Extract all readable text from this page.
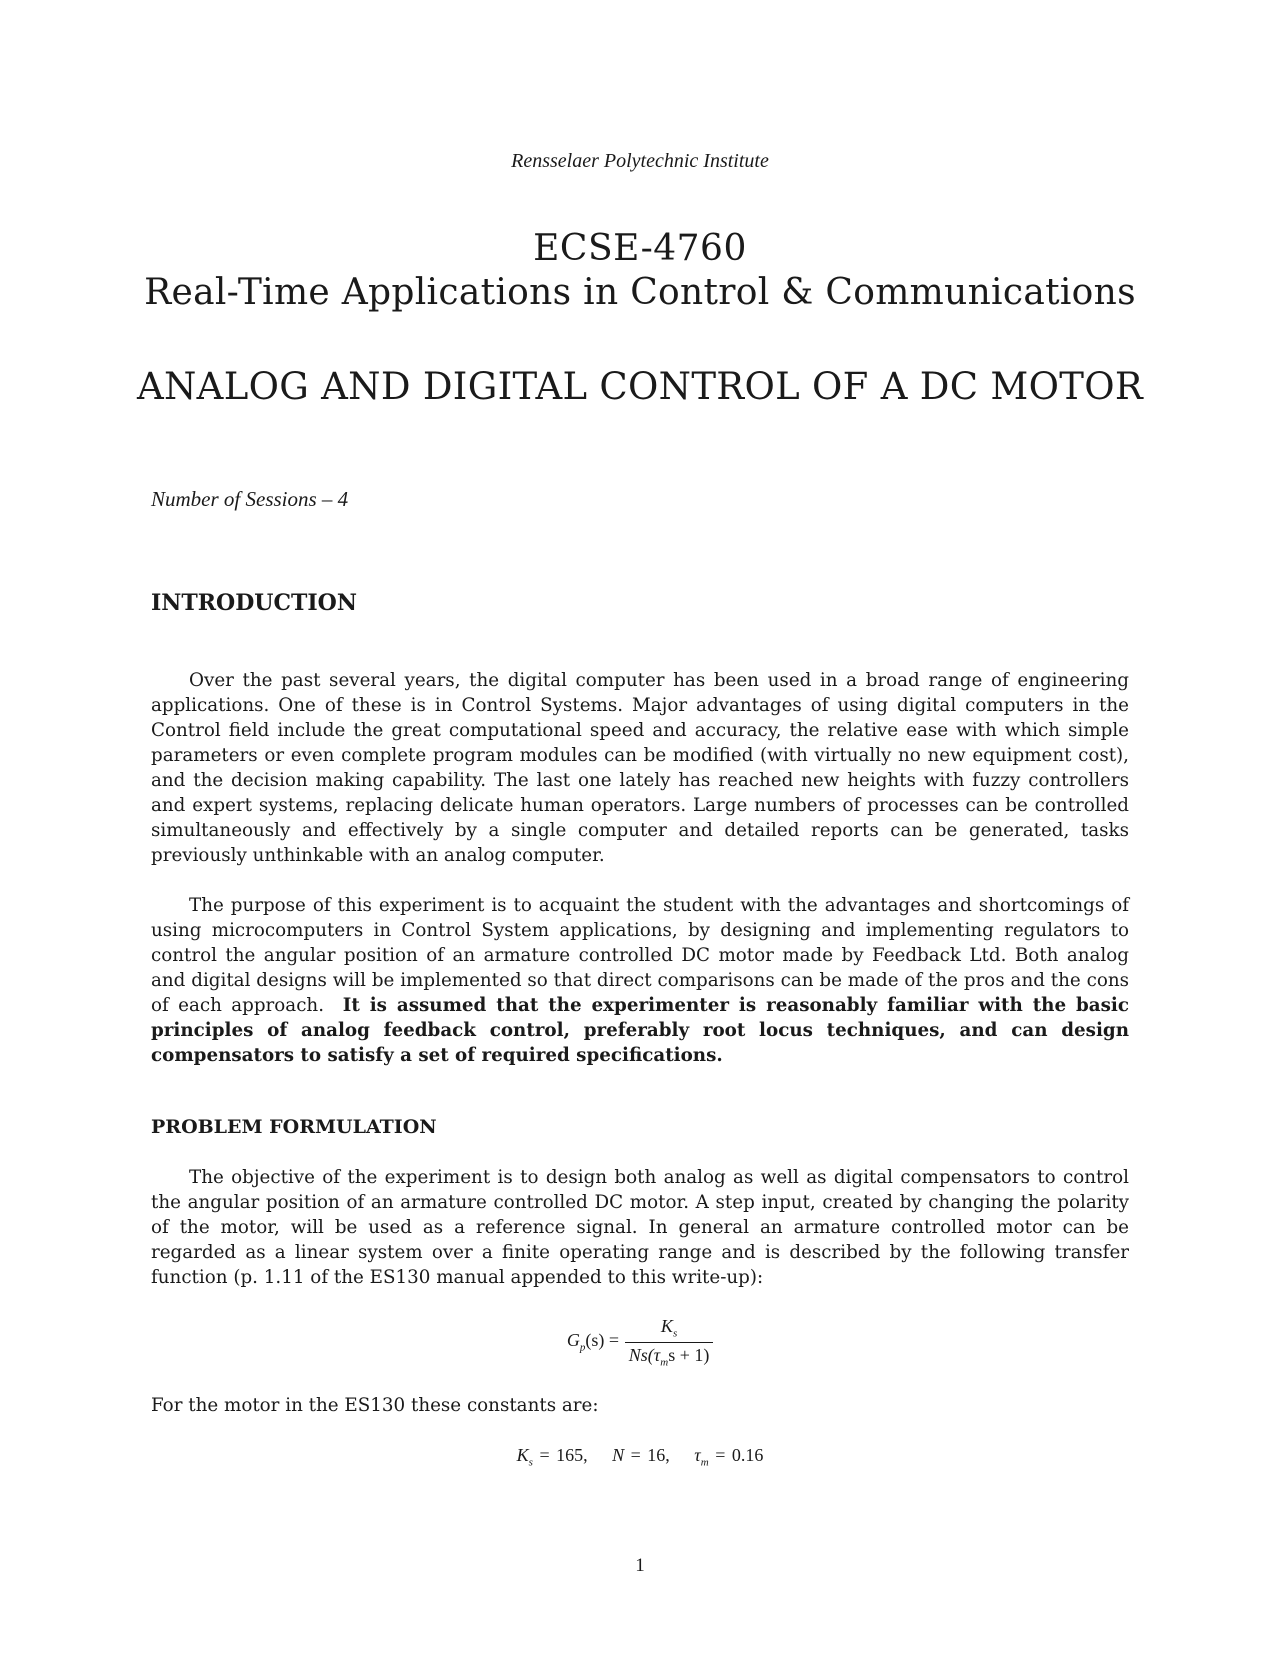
Rensselaer Polytechnic Institute
ECSE-4760
Real-Time Applications in Control & Communications
ANALOG AND DIGITAL CONTROL OF A DC MOTOR
Number of Sessions – 4
INTRODUCTION

Over the past several years, the digital computer has been used in a broad range of engineering applications. One of these is in Control Systems. Major advantages of using digital computers in the Control field include the great computational speed and accuracy, the relative ease with which simple parameters or even complete program modules can be modified (with virtually no new equipment cost), and the decision making capability. The last one lately has reached new heights with fuzzy controllers and expert systems, replacing delicate human operators. Large numbers of processes can be controlled simultaneously and effectively by a single computer and detailed reports can be generated, tasks previously unthinkable with an analog computer.

The purpose of this experiment is to acquaint the student with the advantages and shortcomings of using microcomputers in Control System applications, by designing and implementing regulators to control the angular position of an armature controlled DC motor made by Feedback Ltd. Both analog and digital designs will be implemented so that direct comparisons can be made of the pros and the cons of each approach. It is assumed that the experimenter is reasonably familiar with the basic principles of analog feedback control, preferably root locus techniques, and can design compensators to satisfy a set of required specifications.

PROBLEM FORMULATION

The objective of the experiment is to design both analog as well as digital compensators to control the angular position of an armature controlled DC motor. A step input, created by changing the polarity of the motor, will be used as a reference signal. In general an armature controlled motor can be regarded as a linear system over a finite operating range and is described by the following transfer function (p. 1.11 of the ES130 manual appended to this write-up):

$G_p(s) = \frac{K_s}{Ns(\tau_ms + 1)}$
For the motor in the ES130 these constants are:
$K_s = 165$, N = 16, $\tau_m = 0.16$
1
